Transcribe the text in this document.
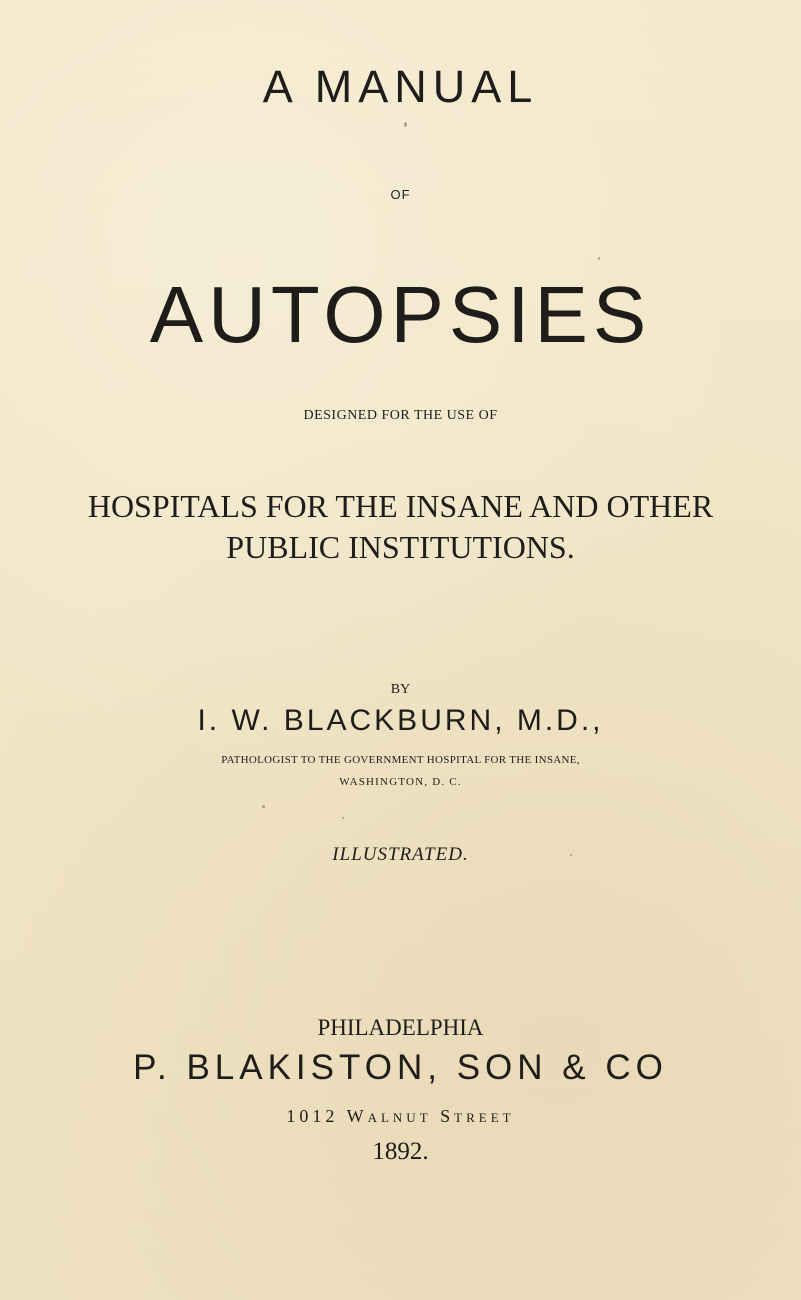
A MANUAL
OF
AUTOPSIES
DESIGNED FOR THE USE OF
HOSPITALS FOR THE INSANE AND OTHER
PUBLIC INSTITUTIONS.
BY
I. W. BLACKBURN, M.D.,
PATHOLOGIST TO THE GOVERNMENT HOSPITAL FOR THE INSANE,
WASHINGTON, D. C.
ILLUSTRATED.
PHILADELPHIA
P. BLAKISTON, SON & CO
1012 Walnut Street
1892.
